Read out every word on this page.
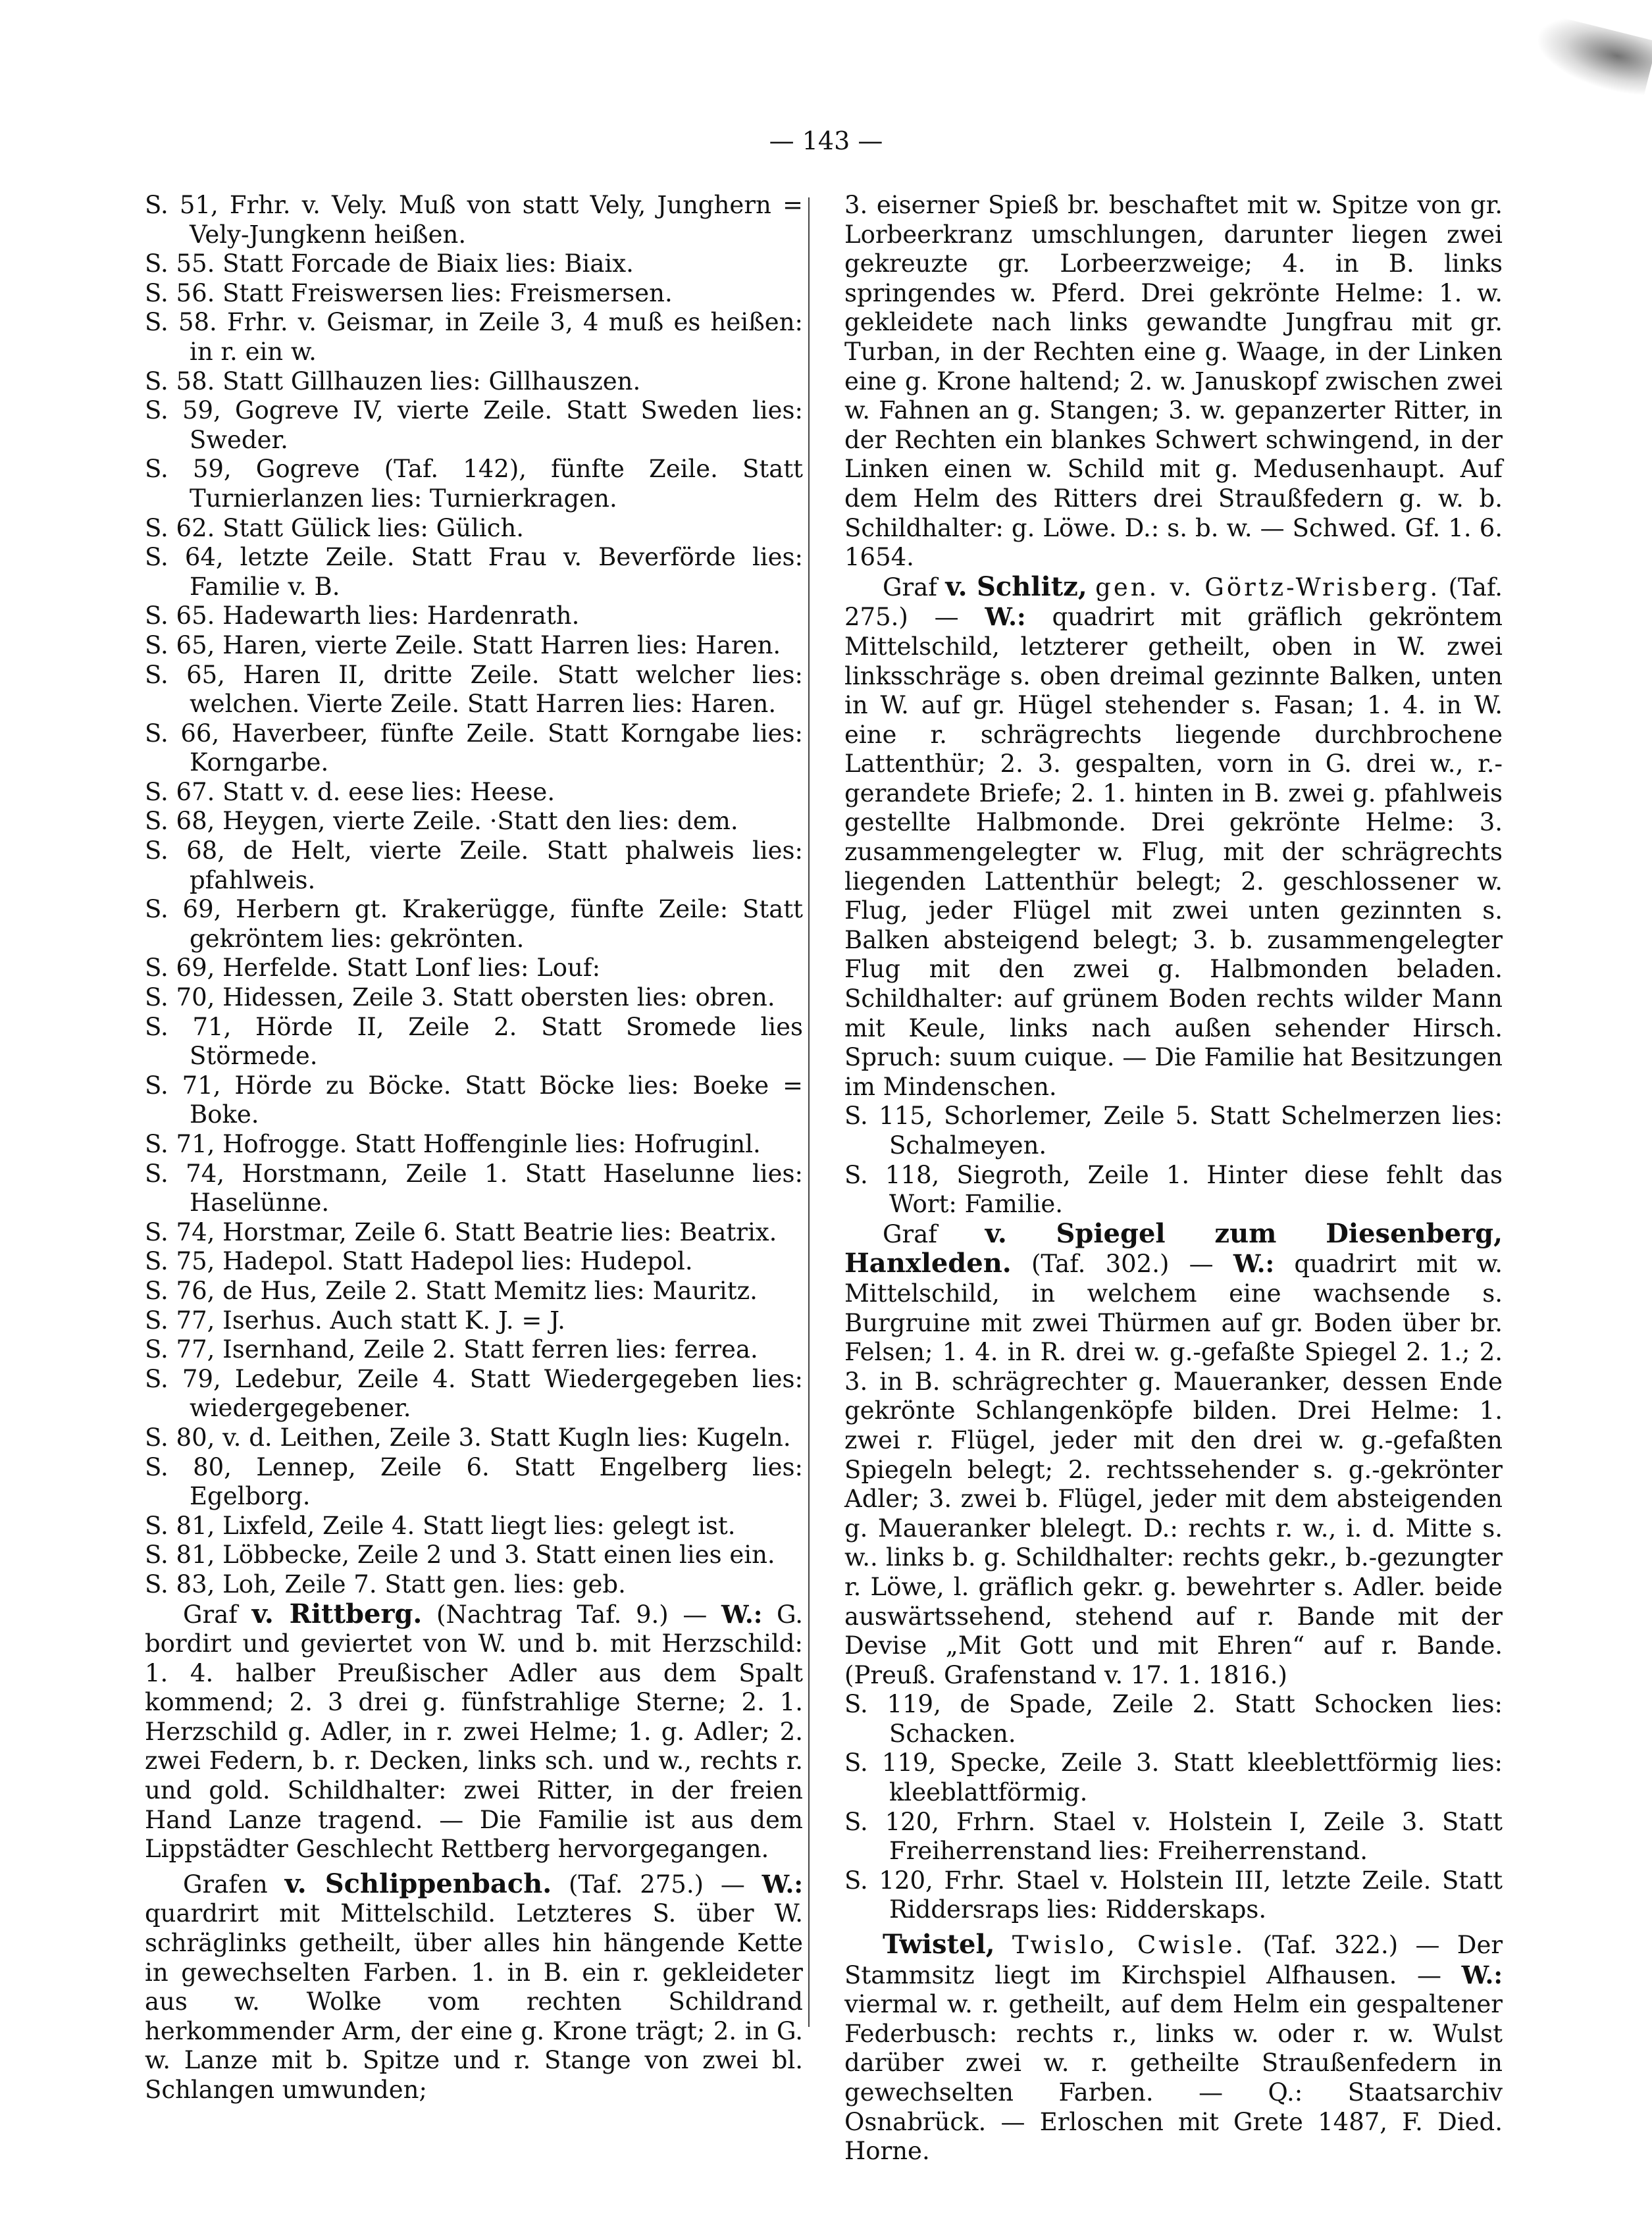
— 143 —

S. 51, Frhr. v. Vely. Muß von statt Vely, Junghern = Vely-Jungkenn heißen.

S. 55. Statt Forcade de Biaix lies: Biaix.

S. 56. Statt Freiswersen lies: Freismersen.

S. 58. Frhr. v. Geismar, in Zeile 3, 4 muß es heißen: in r. ein w.

S. 58. Statt Gillhauzen lies: Gillhauszen.

S. 59, Gogreve IV, vierte Zeile. Statt Sweden lies: Sweder.

S. 59, Gogreve (Taf. 142), fünfte Zeile. Statt Turnierlanzen lies: Turnierkragen.

S. 62. Statt Gülick lies: Gülich.

S. 64, letzte Zeile. Statt Frau v. Beverförde lies: Familie v. B.

S. 65. Hadewarth lies: Hardenrath.

S. 65, Haren, vierte Zeile. Statt Harren lies: Haren.

S. 65, Haren II, dritte Zeile. Statt welcher lies: welchen. Vierte Zeile. Statt Harren lies: Haren.

S. 66, Haverbeer, fünfte Zeile. Statt Korngabe lies: Korngarbe.

S. 67. Statt v. d. eese lies: Heese.

S. 68, Heygen, vierte Zeile. ·Statt den lies: dem.

S. 68, de Helt, vierte Zeile. Statt phalweis lies: pfahlweis.

S. 69, Herbern gt. Krakerügge, fünfte Zeile: Statt gekröntem lies: gekrönten.

S. 69, Herfelde. Statt Lonf lies: Louf:

S. 70, Hidessen, Zeile 3. Statt obersten lies: obren.

S. 71, Hörde II, Zeile 2. Statt Sromede lies Störmede.

S. 71, Hörde zu Böcke. Statt Böcke lies: Boeke = Boke.

S. 71, Hofrogge. Statt Hoffenginle lies: Hofruginl.

S. 74, Horstmann, Zeile 1. Statt Haselunne lies: Haselünne.

S. 74, Horstmar, Zeile 6. Statt Beatrie lies: Beatrix.

S. 75, Hadepol. Statt Hadepol lies: Hudepol.

S. 76, de Hus, Zeile 2. Statt Memitz lies: Mauritz.

S. 77, Iserhus. Auch statt K. J. = J.

S. 77, Isernhand, Zeile 2. Statt ferren lies: ferrea.

S. 79, Ledebur, Zeile 4. Statt Wiedergegeben lies: wiedergegebener.

S. 80, v. d. Leithen, Zeile 3. Statt Kugln lies: Kugeln.

S. 80, Lennep, Zeile 6. Statt Engelberg lies: Egelborg.

S. 81, Lixfeld, Zeile 4. Statt liegt lies: gelegt ist.

S. 81, Löbbecke, Zeile 2 und 3. Statt einen lies ein.

S. 83, Loh, Zeile 7. Statt gen. lies: geb.

Graf v. Rittberg. (Nachtrag Taf. 9.) — W.: G. bordirt und geviertet von W. und b. mit Herzschild: 1. 4. halber Preußischer Adler aus dem Spalt kommend; 2. 3 drei g. fünfstrahlige Sterne; 2. 1. Herzschild g. Adler, in r. zwei Helme; 1. g. Adler; 2. zwei Federn, b. r. Decken, links sch. und w., rechts r. und gold. Schildhalter: zwei Ritter, in der freien Hand Lanze tragend. — Die Familie ist aus dem Lippstädter Geschlecht Rettberg hervorgegangen.

Grafen v. Schlippenbach. (Taf. 275.) — W.: quardrirt mit Mittelschild. Letzteres S. über W. schräglinks getheilt, über alles hin hängende Kette in gewechselten Farben. 1. in B. ein r. gekleideter aus w. Wolke vom rechten Schildrand herkommender Arm, der eine g. Krone trägt; 2. in G. w. Lanze mit b. Spitze und r. Stange von zwei bl. Schlangen umwunden;

3. eiserner Spieß br. beschaftet mit w. Spitze von gr. Lorbeerkranz umschlungen, darunter liegen zwei gekreuzte gr. Lorbeerzweige; 4. in B. links springendes w. Pferd. Drei gekrönte Helme: 1. w. gekleidete nach links gewandte Jungfrau mit gr. Turban, in der Rechten eine g. Waage, in der Linken eine g. Krone haltend; 2. w. Januskopf zwischen zwei w. Fahnen an g. Stangen; 3. w. gepanzerter Ritter, in der Rechten ein blankes Schwert schwingend, in der Linken einen w. Schild mit g. Medusenhaupt. Auf dem Helm des Ritters drei Straußfedern g. w. b. Schildhalter: g. Löwe. D.: s. b. w. — Schwed. Gf. 1. 6. 1654.

Graf v. Schlitz, gen. v. Görtz-Wrisberg. (Taf. 275.) — W.: quadrirt mit gräflich gekröntem Mittelschild, letzterer getheilt, oben in W. zwei linksschräge s. oben dreimal gezinnte Balken, unten in W. auf gr. Hügel stehender s. Fasan; 1. 4. in W. eine r. schrägrechts liegende durchbrochene Lattenthür; 2. 3. gespalten, vorn in G. drei w., r.-gerandete Briefe; 2. 1. hinten in B. zwei g. pfahlweis gestellte Halbmonde. Drei gekrönte Helme: 3. zusammengelegter w. Flug, mit der schrägrechts liegenden Lattenthür belegt; 2. geschlossener w. Flug, jeder Flügel mit zwei unten gezinnten s. Balken absteigend belegt; 3. b. zusammengelegter Flug mit den zwei g. Halbmonden beladen. Schildhalter: auf grünem Boden rechts wilder Mann mit Keule, links nach außen sehender Hirsch. Spruch: suum cuique. — Die Familie hat Besitzungen im Mindenschen.

S. 115, Schorlemer, Zeile 5. Statt Schelmerzen lies: Schalmeyen.

S. 118, Siegroth, Zeile 1. Hinter diese fehlt das Wort: Familie.

Graf v. Spiegel zum Diesenberg, Hanxleden. (Taf. 302.) — W.: quadrirt mit w. Mittelschild, in welchem eine wachsende s. Burgruine mit zwei Thürmen auf gr. Boden über br. Felsen; 1. 4. in R. drei w. g.-gefaßte Spiegel 2. 1.; 2. 3. in B. schrägrechter g. Maueranker, dessen Ende gekrönte Schlangenköpfe bilden. Drei Helme: 1. zwei r. Flügel, jeder mit den drei w. g.-gefaßten Spiegeln belegt; 2. rechtssehender s. g.-gekrönter Adler; 3. zwei b. Flügel, jeder mit dem absteigenden g. Maueranker blelegt. D.: rechts r. w., i. d. Mitte s. w.. links b. g. Schildhalter: rechts gekr., b.-gezungter r. Löwe, l. gräflich gekr. g. bewehrter s. Adler. beide auswärtssehend, stehend auf r. Bande mit der Devise „Mit Gott und mit Ehren“ auf r. Bande. (Preuß. Grafenstand v. 17. 1. 1816.)

S. 119, de Spade, Zeile 2. Statt Schocken lies: Schacken.

S. 119, Specke, Zeile 3. Statt kleeblettförmig lies: kleeblattförmig.

S. 120, Frhrn. Stael v. Holstein I, Zeile 3. Statt Freiherrenstand lies: Freiherrenstand.

S. 120, Frhr. Stael v. Holstein III, letzte Zeile. Statt Riddersraps lies: Ridderskaps.

Twistel, Twislo, Cwisle. (Taf. 322.) — Der Stammsitz liegt im Kirchspiel Alfhausen. — W.: viermal w. r. getheilt, auf dem Helm ein gespaltener Federbusch: rechts r., links w. oder r. w. Wulst darüber zwei w. r. getheilte Straußenfedern in gewechselten Farben. — Q.: Staatsarchiv Osnabrück. — Erloschen mit Grete 1487, F. Died. Horne.
